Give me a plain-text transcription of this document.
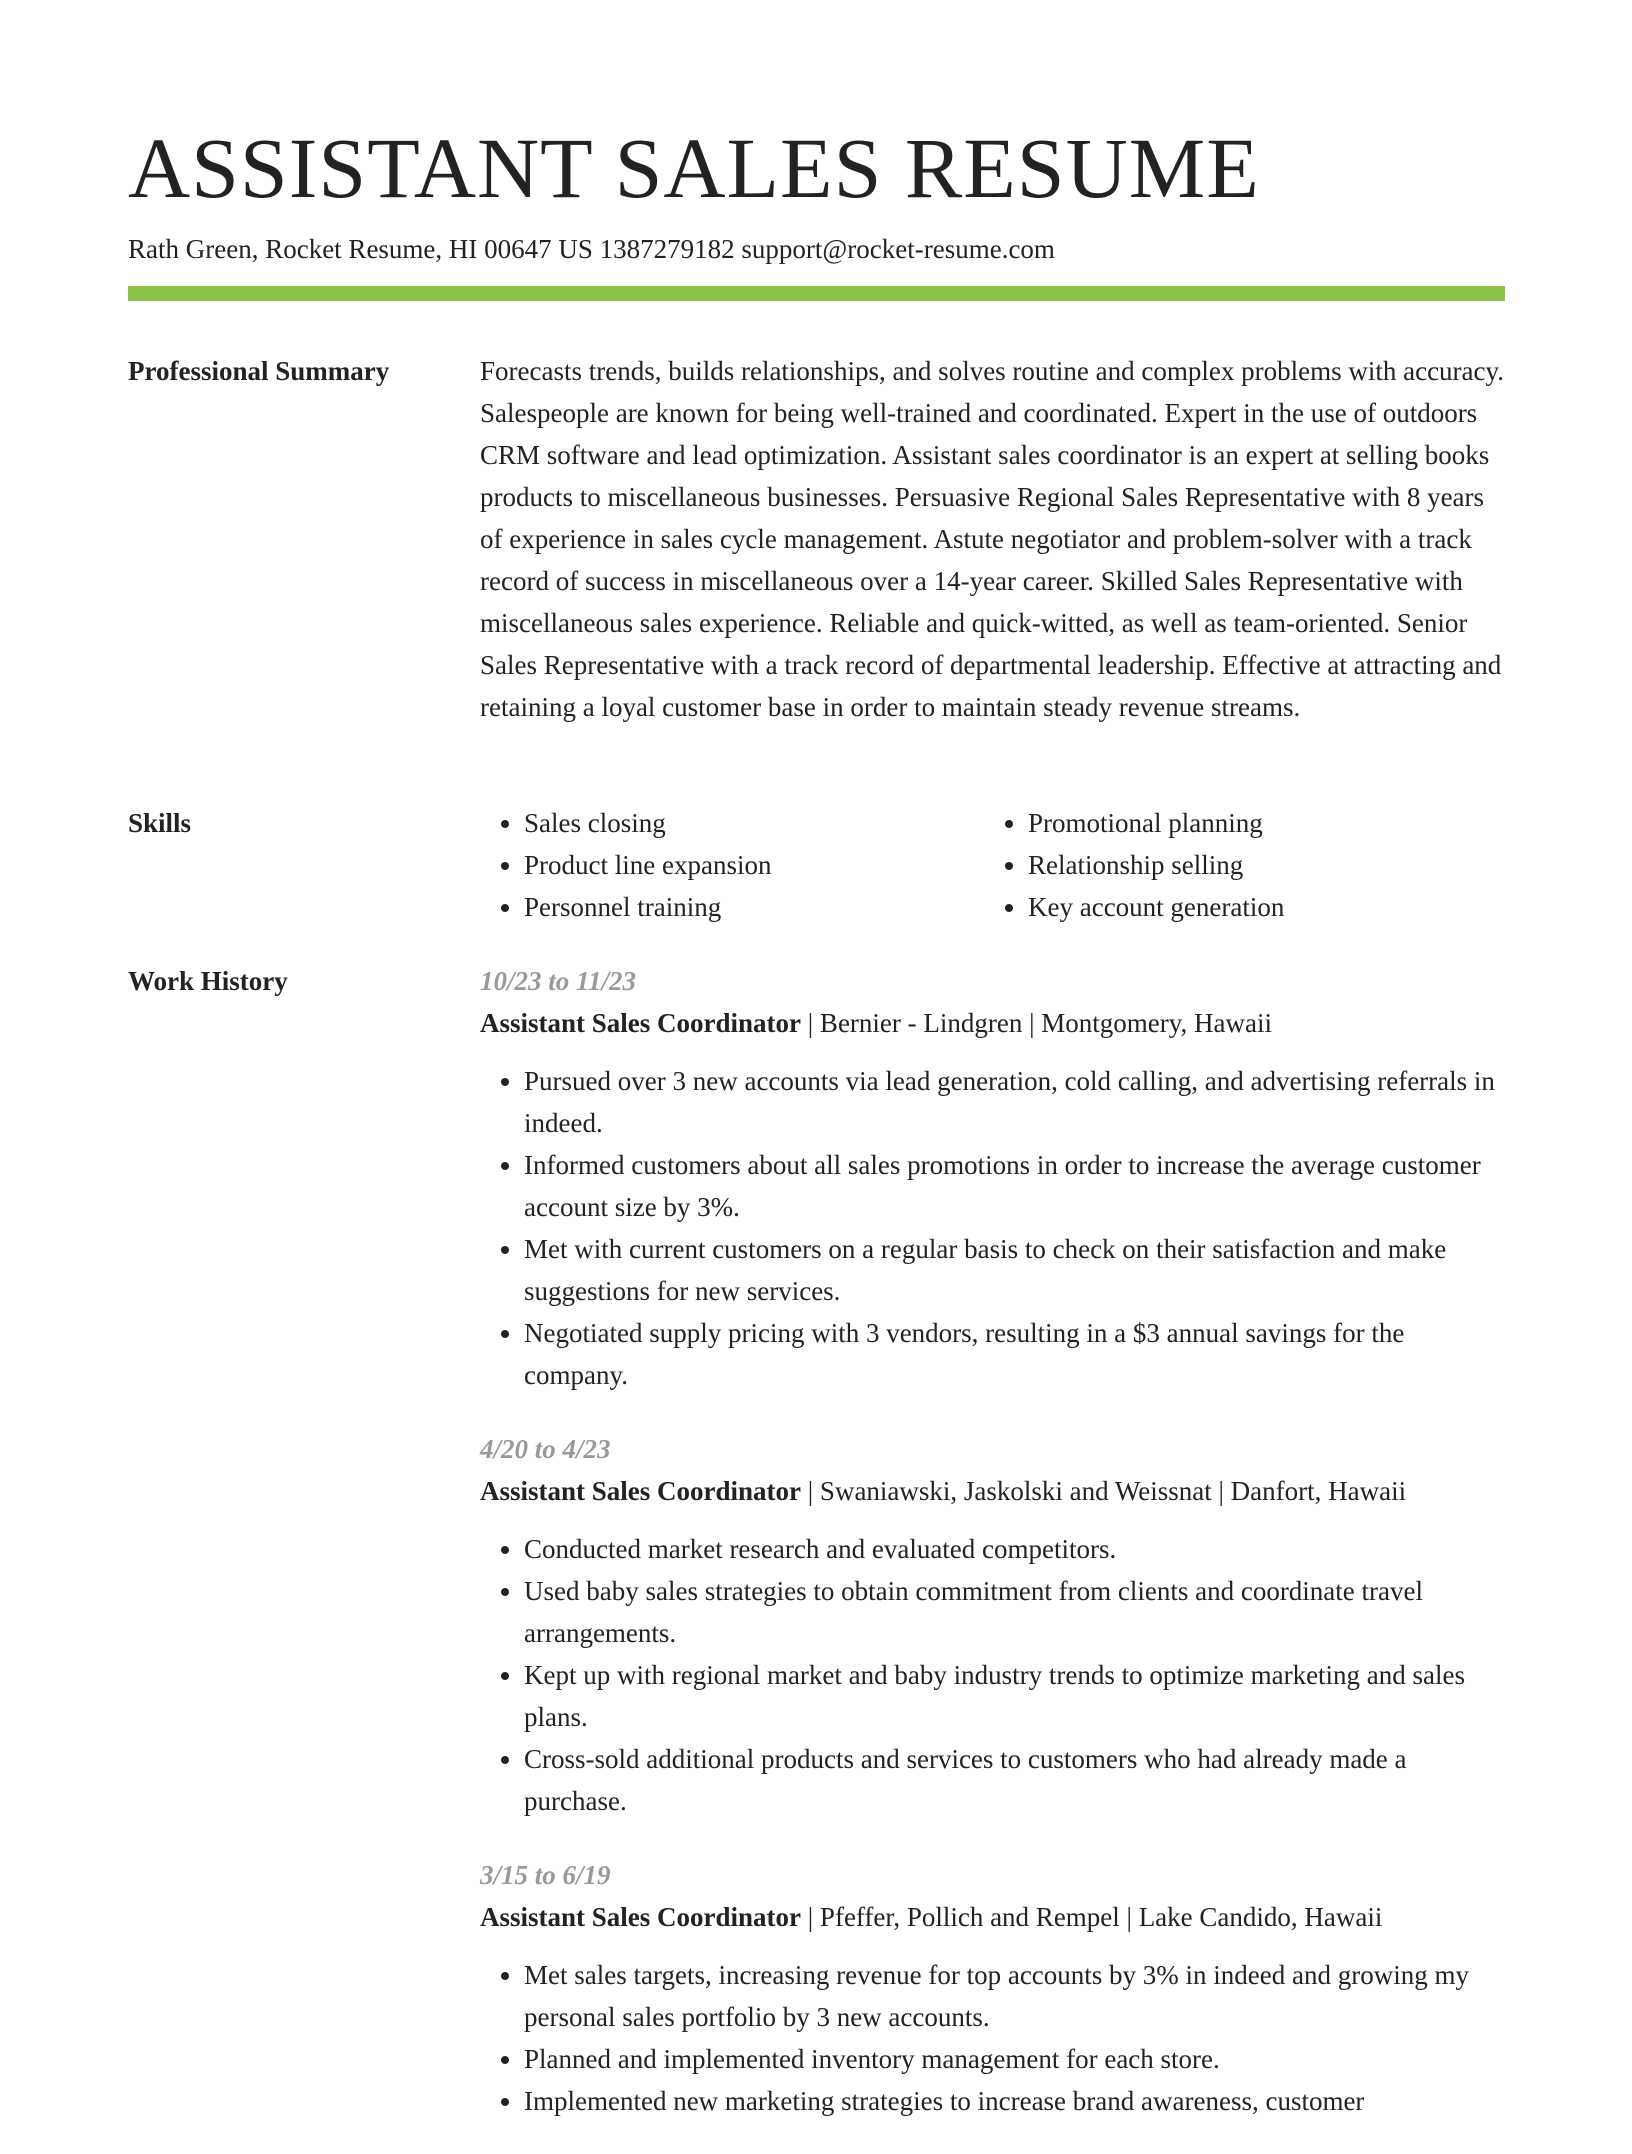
ASSISTANT SALES RESUME
Rath Green, Rocket Resume, HI 00647 US 1387279182 support@rocket-resume.com
Professional Summary	Forecasts trends, builds relationships, and solves routine and complex problems with accuracy. Salespeople are known for being well-trained and coordinated. Expert in the use of outdoors CRM software and lead optimization. Assistant sales coordinator is an expert at selling books products to miscellaneous businesses. Persuasive Regional Sales Representative with 8 years of experience in sales cycle management. Astute negotiator and problem-solver with a track record of success in miscellaneous over a 14-year career. Skilled Sales Representative with miscellaneous sales experience. Reliable and quick-witted, as well as team-oriented. Senior Sales Representative with a track record of departmental leadership. Effective at attracting and retaining a loyal customer base in order to maintain steady revenue streams.

Skills
•	Sales closing
• Product line expansion
• Personnel training
• Promotional planning
• Relationship selling
• Key account generation
Work History	10/23 to 11/23
Assistant Sales Coordinator | Bernier - Lindgren | Montgomery, Hawaii
• Pursued over 3 new accounts via lead generation, cold calling, and advertising referrals in indeed.
• Informed customers about all sales promotions in order to increase the average customer account size by 3%.
• Met with current customers on a regular basis to check on their satisfaction and make suggestions for new services.
• Negotiated supply pricing with 3 vendors, resulting in a $3 annual savings for the company.
4/20 to 4/23
Assistant Sales Coordinator | Swaniawski, Jaskolski and Weissnat | Danfort, Hawaii
• Conducted market research and evaluated competitors.
• Used baby sales strategies to obtain commitment from clients and coordinate travel arrangements.
• Kept up with regional market and baby industry trends to optimize marketing and sales plans.
• Cross-sold additional products and services to customers who had already made a purchase.
3/15 to 6/19
Assistant Sales Coordinator | Pfeffer, Pollich and Rempel | Lake Candido, Hawaii
• Met sales targets, increasing revenue for top accounts by 3% in indeed and growing my personal sales portfolio by 3 new accounts.
• Planned and implemented inventory management for each store.
• Implemented new marketing strategies to increase brand awareness, customer
